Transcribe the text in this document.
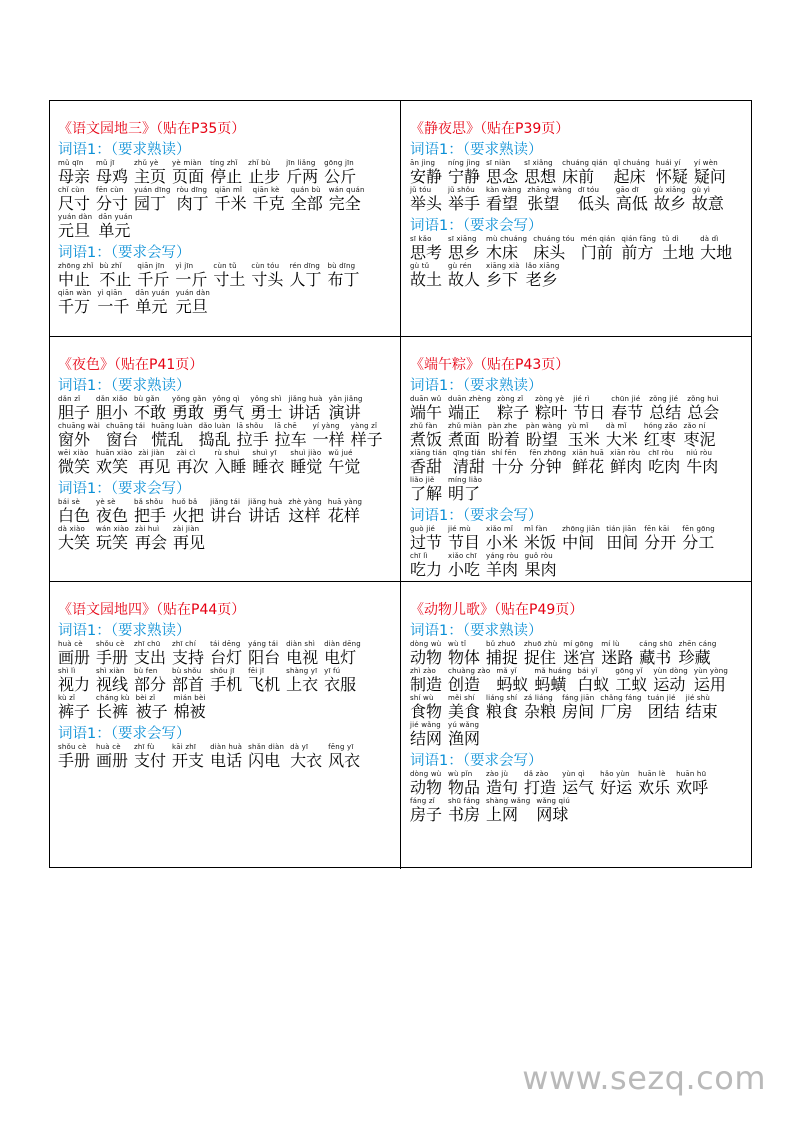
《语文园地三》（贴在P35页）
词语1：（要求熟读）
mǔ qīn
母亲
mǔ jī
母鸡
zhǔ yè
主页
yè miàn
页面
tíng zhǐ
停止
zhǐ bù
止步
jīn liǎng
斤两
gōng jīn
公斤
chǐ cùn
尺寸
fēn cùn
分寸
yuán dīng
园丁
ròu dīng
肉丁
qiān mǐ
千米
qiān kè
千克
quán bù
全部
wán quán
完全
yuán dàn
元旦
dān yuán
单元
词语1：（要求会写）
zhōng zhǐ
中止
bù zhǐ
不止
qiān jīn
千斤
yì jīn
一斤
cùn tǔ
寸土
cùn tóu
寸头
rén dīng
人丁
bù dīng
布丁
qiān wàn
千万
yì qiān
一千
dān yuán
单元
yuán dàn
元旦
《静夜思》（贴在P39页）
词语1：（要求熟读）
ān jìng
安静
níng jìng
宁静
sī niàn
思念
sī xiǎng
思想
chuáng qián
床前
qǐ chuáng
起床
huái yí
怀疑
yí wèn
疑问
jǔ tóu
举头
jǔ shǒu
举手
kàn wàng
看望
zhāng wàng
张望
dī tóu
低头
gāo dī
高低
gù xiāng
故乡
gù yì
故意
词语1：（要求会写）
sī kǎo
思考
sī xiāng
思乡
mù chuáng
木床
chuáng tóu
床头
mén qián
门前
qián fāng
前方
tǔ dì
土地
dà dì
大地
gù tǔ
故土
gù rén
故人
xiāng xià
乡下
lǎo xiāng
老乡
《夜色》（贴在P41页）
词语1：（要求熟读）
dǎn zǐ
胆子
dǎn xiǎo
胆小
bù gǎn
不敢
yǒng gǎn
勇敢
yǒng qì
勇气
yǒng shì
勇士
jiǎng huà
讲话
yǎn jiǎng
演讲
chuāng wài
窗外
chuāng tái
窗台
huāng luàn
慌乱
dǎo luàn
捣乱
lā shǒu
拉手
lā chē
拉车
yí yàng
一样
yàng zǐ
样子
wēi xiào
微笑
huān xiào
欢笑
zài jiàn
再见
zài cì
再次
rù shuì
入睡
shuì yī
睡衣
shuì jiào
睡觉
wǔ jué
午觉
词语1：（要求会写）
bái sè
白色
yè sè
夜色
bǎ shǒu
把手
huǒ bǎ
火把
jiǎng tái
讲台
jiǎng huà
讲话
zhè yàng
这样
huā yàng
花样
dà xiào
大笑
wán xiào
玩笑
zài huì
再会
zài jiàn
再见
《端午粽》（贴在P43页）
词语1：（要求熟读）
duān wǔ
端午
duān zhèng
端正
zòng zǐ
粽子
zòng yè
粽叶
jié rì
节日
chūn jié
春节
zǒng jié
总结
zǒng huì
总会
zhǔ fàn
煮饭
zhǔ miàn
煮面
pàn zhe
盼着
pàn wàng
盼望
yù mǐ
玉米
dà mǐ
大米
hóng zǎo
红枣
zǎo ní
枣泥
xiāng tián
香甜
qīng tián
清甜
shí fēn
十分
fēn zhōng
分钟
xiān huā
鲜花
xiān ròu
鲜肉
chī ròu
吃肉
niú ròu
牛肉
liǎo jiě
了解
míng liǎo
明了
词语1：（要求会写）
guò jié
过节
jié mù
节目
xiǎo mǐ
小米
mǐ fàn
米饭
zhōng jiān
中间
tián jiān
田间
fēn kāi
分开
fēn gōng
分工
chī lì
吃力
xiǎo chī
小吃
yáng ròu
羊肉
guǒ ròu
果肉
《语文园地四》（贴在P44页）
词语1：（要求熟读）
huà cè
画册
shǒu cè
手册
zhī chū
支出
zhī chí
支持
tái dēng
台灯
yáng tái
阳台
diàn shì
电视
diàn dēng
电灯
shì lì
视力
shì xiàn
视线
bù fen
部分
bù shǒu
部首
shǒu jī
手机
fēi jī
飞机
shàng yī
上衣
yī fú
衣服
kù zǐ
裤子
cháng kù
长裤
bèi zǐ
被子
mián bèi
棉被
词语1：（要求会写）
shǒu cè
手册
huà cè
画册
zhī fù
支付
kāi zhī
开支
diàn huà
电话
shǎn diàn
闪电
dà yī
大衣
fēng yī
风衣
《动物儿歌》（贴在P49页）
词语1：（要求熟读）
dòng wù
动物
wù tǐ
物体
bǔ zhuō
捕捉
zhuō zhù
捉住
mí gōng
迷宫
mí lù
迷路
cáng shū
藏书
zhēn cáng
珍藏
zhì zào
制造
chuàng zào
创造
mǎ yǐ
蚂蚁
mǎ huáng
蚂蟥
bái yǐ
白蚁
gōng yǐ
工蚁
yùn dòng
运动
yùn yòng
运用
shí wù
食物
měi shí
美食
liáng shí
粮食
zá liáng
杂粮
fáng jiān
房间
chǎng fáng
厂房
tuán jié
团结
jié shù
结束
jié wǎng
结网
yú wǎng
渔网
词语1：（要求会写）
dòng wù
动物
wù pǐn
物品
zào jù
造句
dǎ zào
打造
yùn qì
运气
hǎo yùn
好运
huān lè
欢乐
huān hū
欢呼
fáng zǐ
房子
shū fáng
书房
shàng wǎng
上网
wǎng qiú
网球
www.sezq.com
